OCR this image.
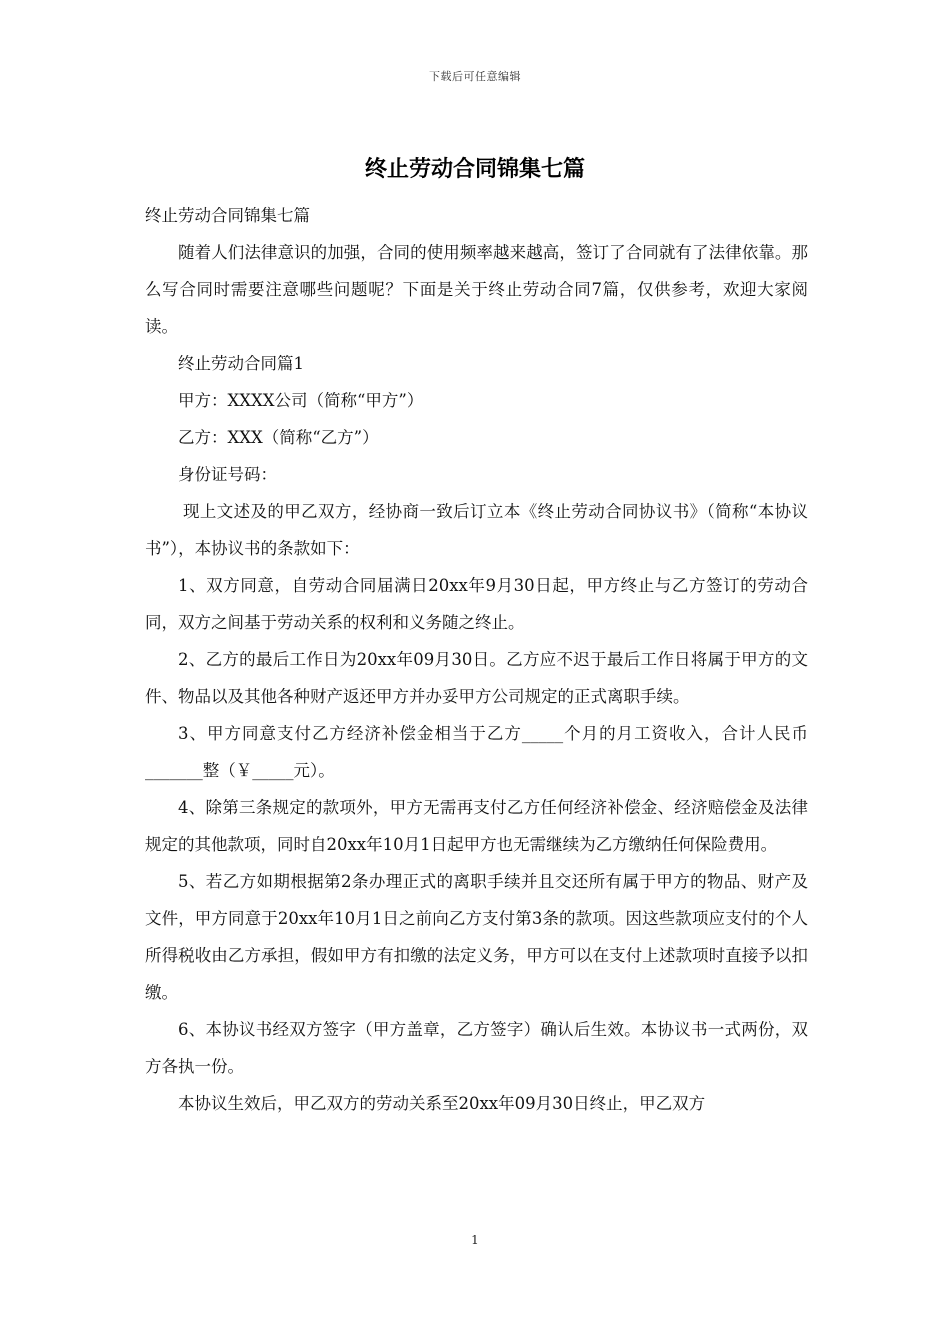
下载后可任意编辑
终止劳动合同锦集七篇

终止劳动合同锦集七篇

随着人们法律意识的加强，合同的使用频率越来越高，签订了合同就有了法律依靠。那么写合同时需要注意哪些问题呢？下面是关于终止劳动合同7篇，仅供参考，欢迎大家阅读。

终止劳动合同篇1

甲方：XXXX公司（简称“甲方”）

乙方：XXX（简称“乙方”）

身份证号码：

现上文述及的甲乙双方，经协商一致后订立本《终止劳动合同协议书》（简称“本协议书”），本协议书的条款如下：

1、双方同意，自劳动合同届满日20xx年9月30日起，甲方终止与乙方签订的劳动合同，双方之间基于劳动关系的权利和义务随之终止。

2、乙方的最后工作日为20xx年09月30日。乙方应不迟于最后工作日将属于甲方的文件、物品以及其他各种财产返还甲方并办妥甲方公司规定的正式离职手续。

3、甲方同意支付乙方经济补偿金相当于乙方_____个月的月工资收入，合计人民币_______整（￥_____元）。

4、除第三条规定的款项外，甲方无需再支付乙方任何经济补偿金、经济赔偿金及法律规定的其他款项，同时自20xx年10月1日起甲方也无需继续为乙方缴纳任何保险费用。

5、若乙方如期根据第2条办理正式的离职手续并且交还所有属于甲方的物品、财产及文件，甲方同意于20xx年10月1日之前向乙方支付第3条的款项。因这些款项应支付的个人所得税收由乙方承担，假如甲方有扣缴的法定义务，甲方可以在支付上述款项时直接予以扣缴。

6、本协议书经双方签字（甲方盖章，乙方签字）确认后生效。本协议书一式两份，双方各执一份。

本协议生效后，甲乙双方的劳动关系至20xx年09月30日终止，甲乙双方

1
